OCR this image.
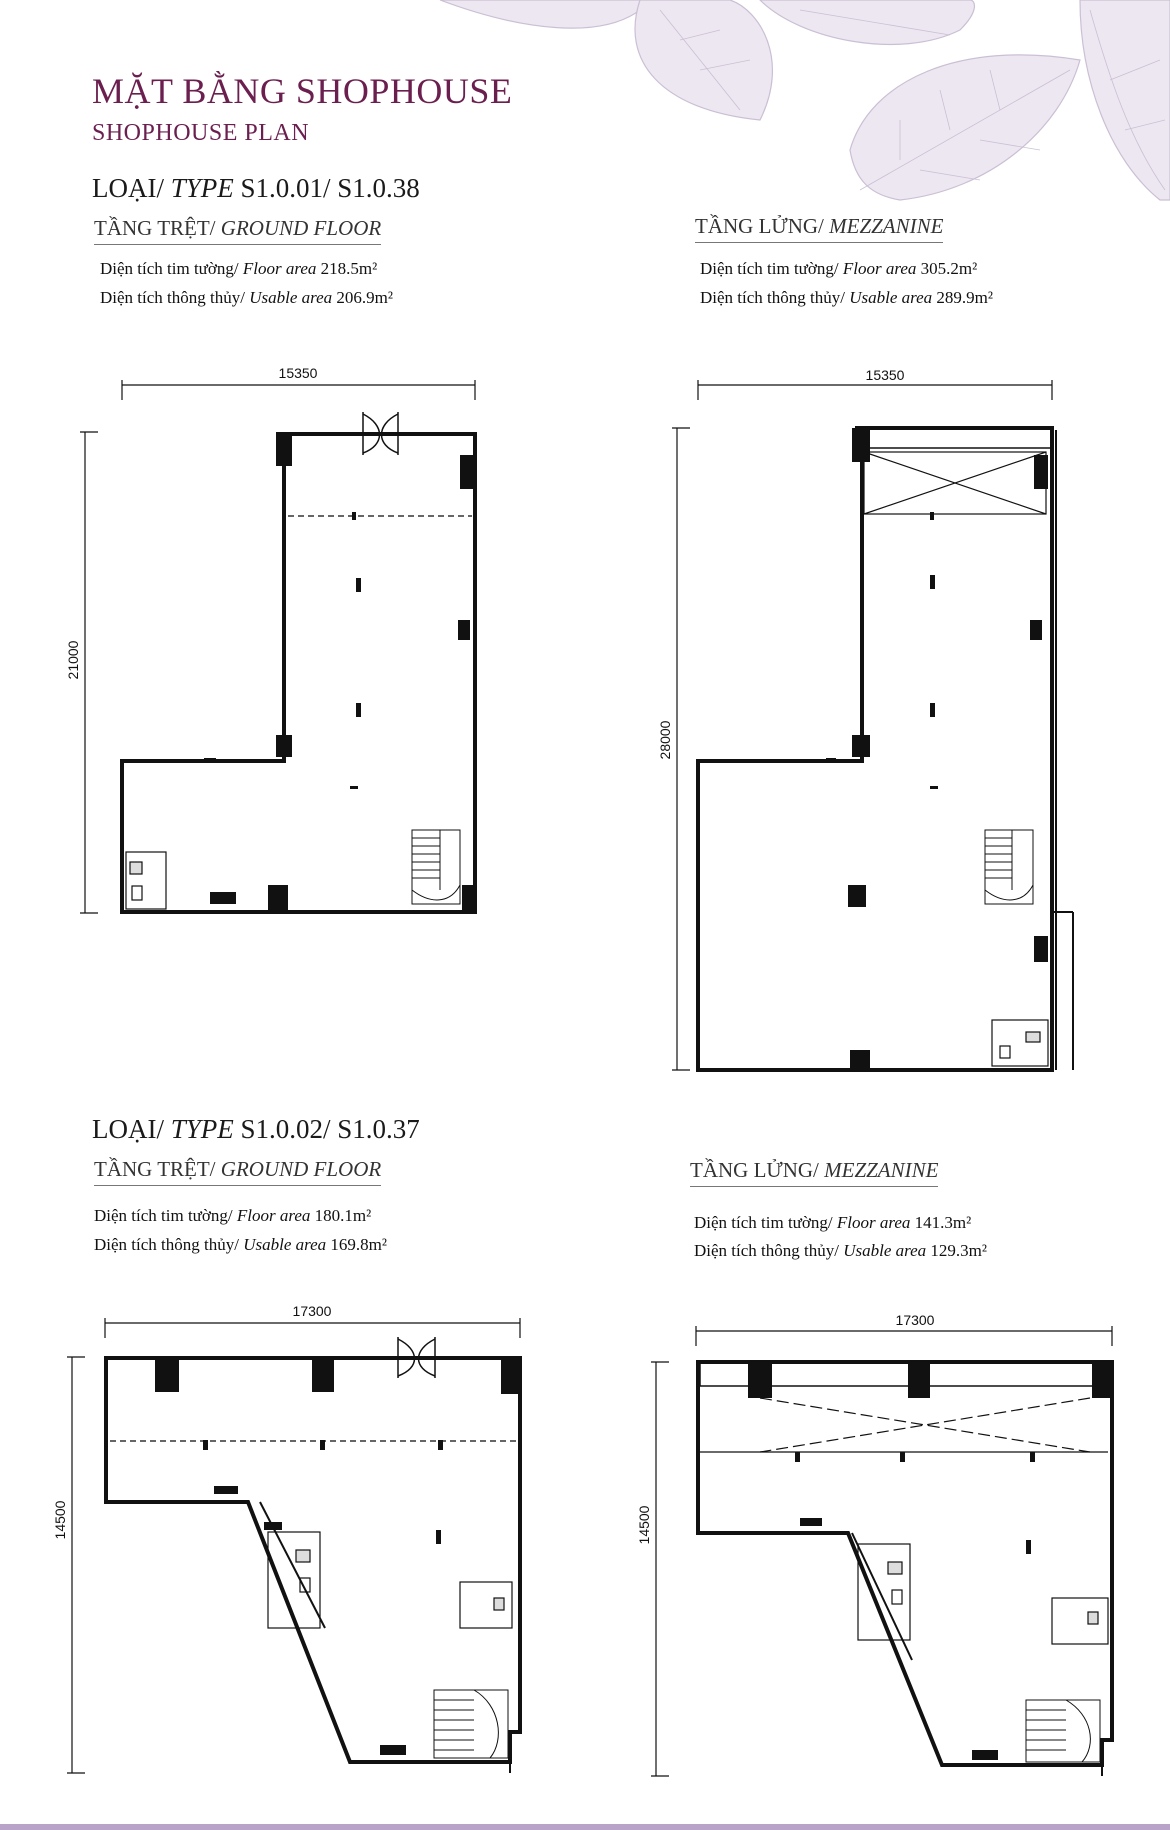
MẶT BẰNG SHOPHOUSE
SHOPHOUSE PLAN
LOẠI/ TYPE S1.0.01/ S1.0.38
TẦNG TRỆT/ GROUND FLOOR
Diện tích tim tường/ Floor area 218.5m²
Diện tích thông thủy/ Usable area 206.9m²
TẦNG LỬNG/ MEZZANINE
Diện tích tim tường/ Floor area 305.2m²
Diện tích thông thủy/ Usable area 289.9m²
LOẠI/ TYPE S1.0.02/ S1.0.37
TẦNG TRỆT/ GROUND FLOOR
Diện tích tim tường/ Floor area 180.1m²
Diện tích thông thủy/ Usable area 169.8m²
TẦNG LỬNG/ MEZZANINE
Diện tích tim tường/ Floor area 141.3m²
Diện tích thông thủy/ Usable area 129.3m²
15350
21000
15350
28000
17300
14500
17300
14500
